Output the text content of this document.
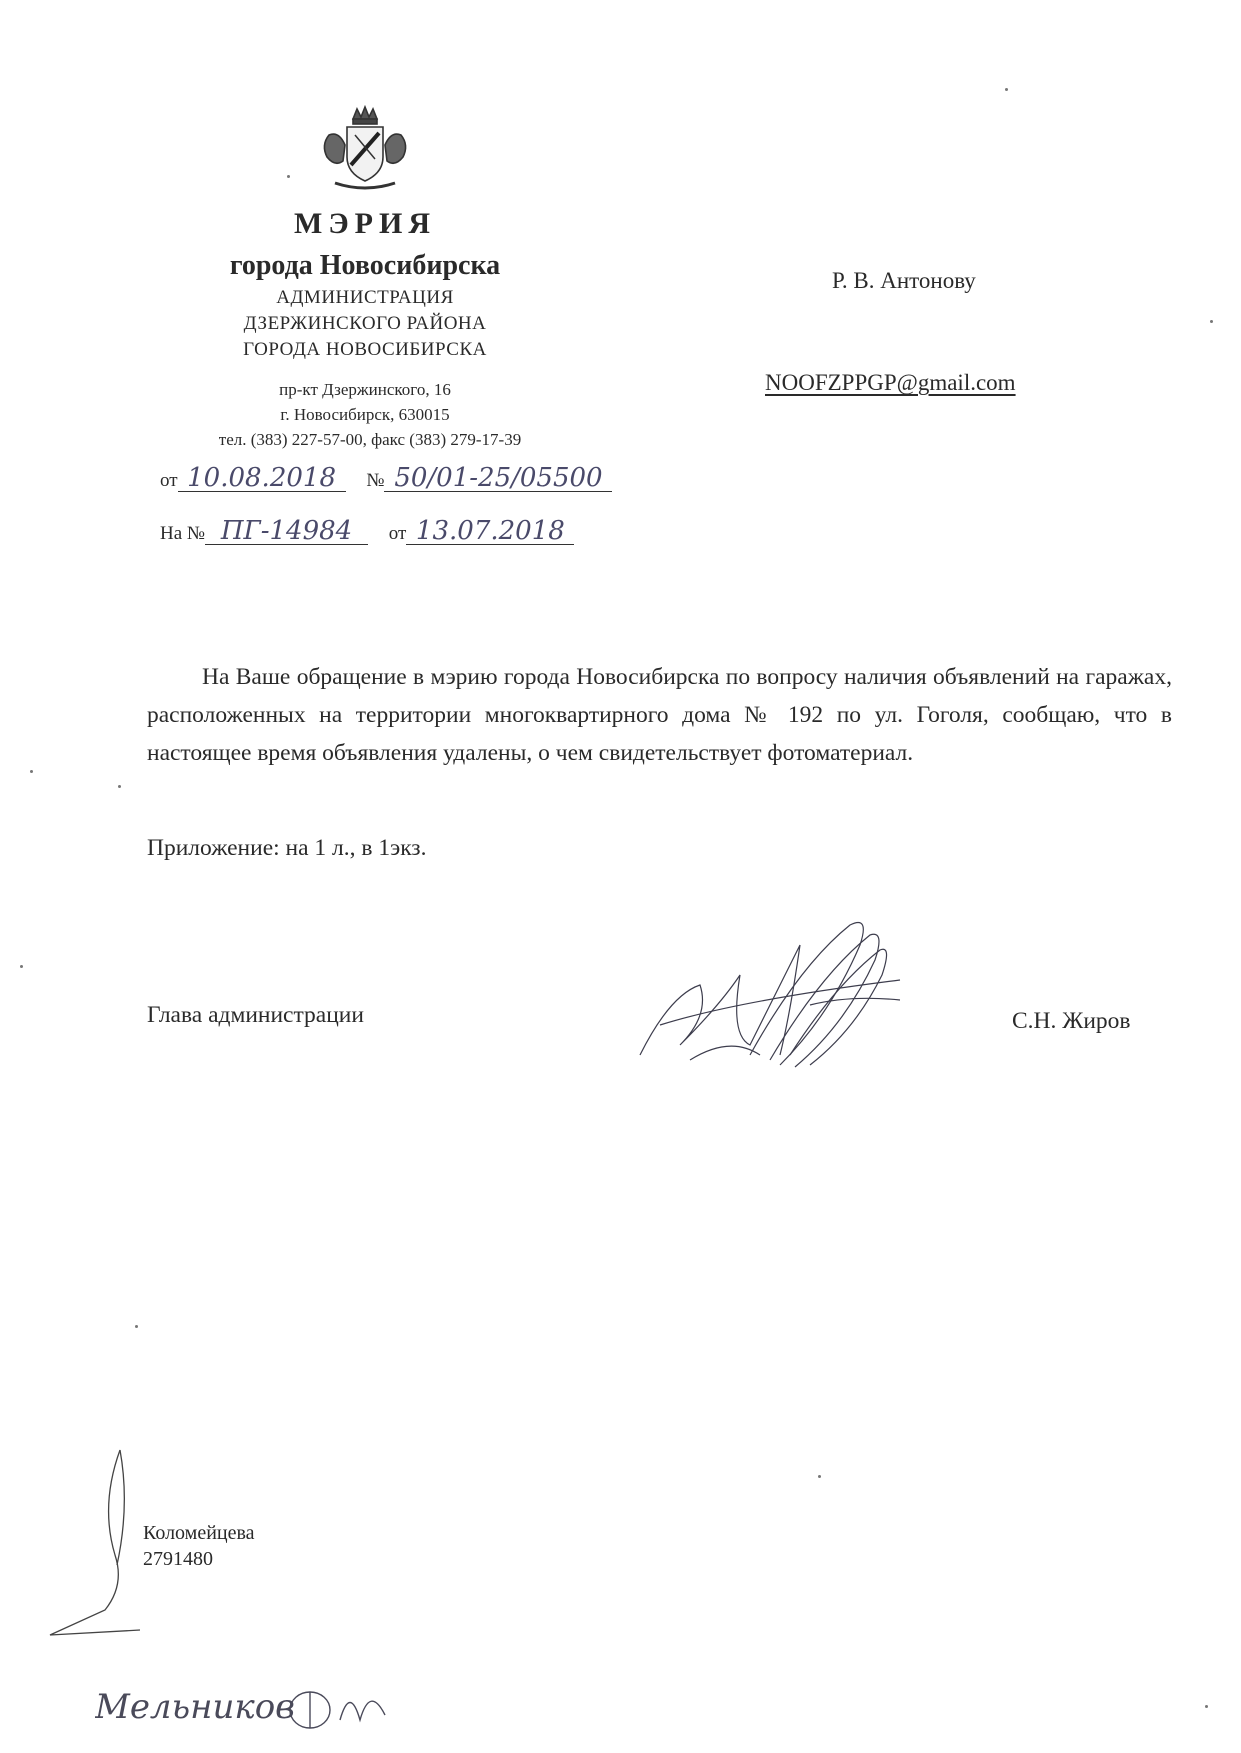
МЭРИЯ
города Новосибирска
АДМИНИСТРАЦИЯ
ДЗЕРЖИНСКОГО РАЙОНА
ГОРОДА НОВОСИБИРСКА
пр-кт Дзержинского, 16
г. Новосибирск, 630015
тел. (383) 227-57-00, факс (383) 279-17-39
от 10.08.2018 № 50/01-25/05500
На № ПГ-14984 от 13.07.2018
Р. В. Антонову
NOOFZPPGP@gmail.com
На Ваше обращение в мэрию города Новосибирска по вопросу наличия объявлений на гаражах, расположенных на территории многоквартирного дома № 192 по ул. Гоголя, сообщаю, что в настоящее время объявления удалены, о чем свидетельствует фотоматериал.
Приложение: на 1 л., в 1экз.
Глава администрации	С.Н. Жиров
Коломейцева
2791480
Мельников
